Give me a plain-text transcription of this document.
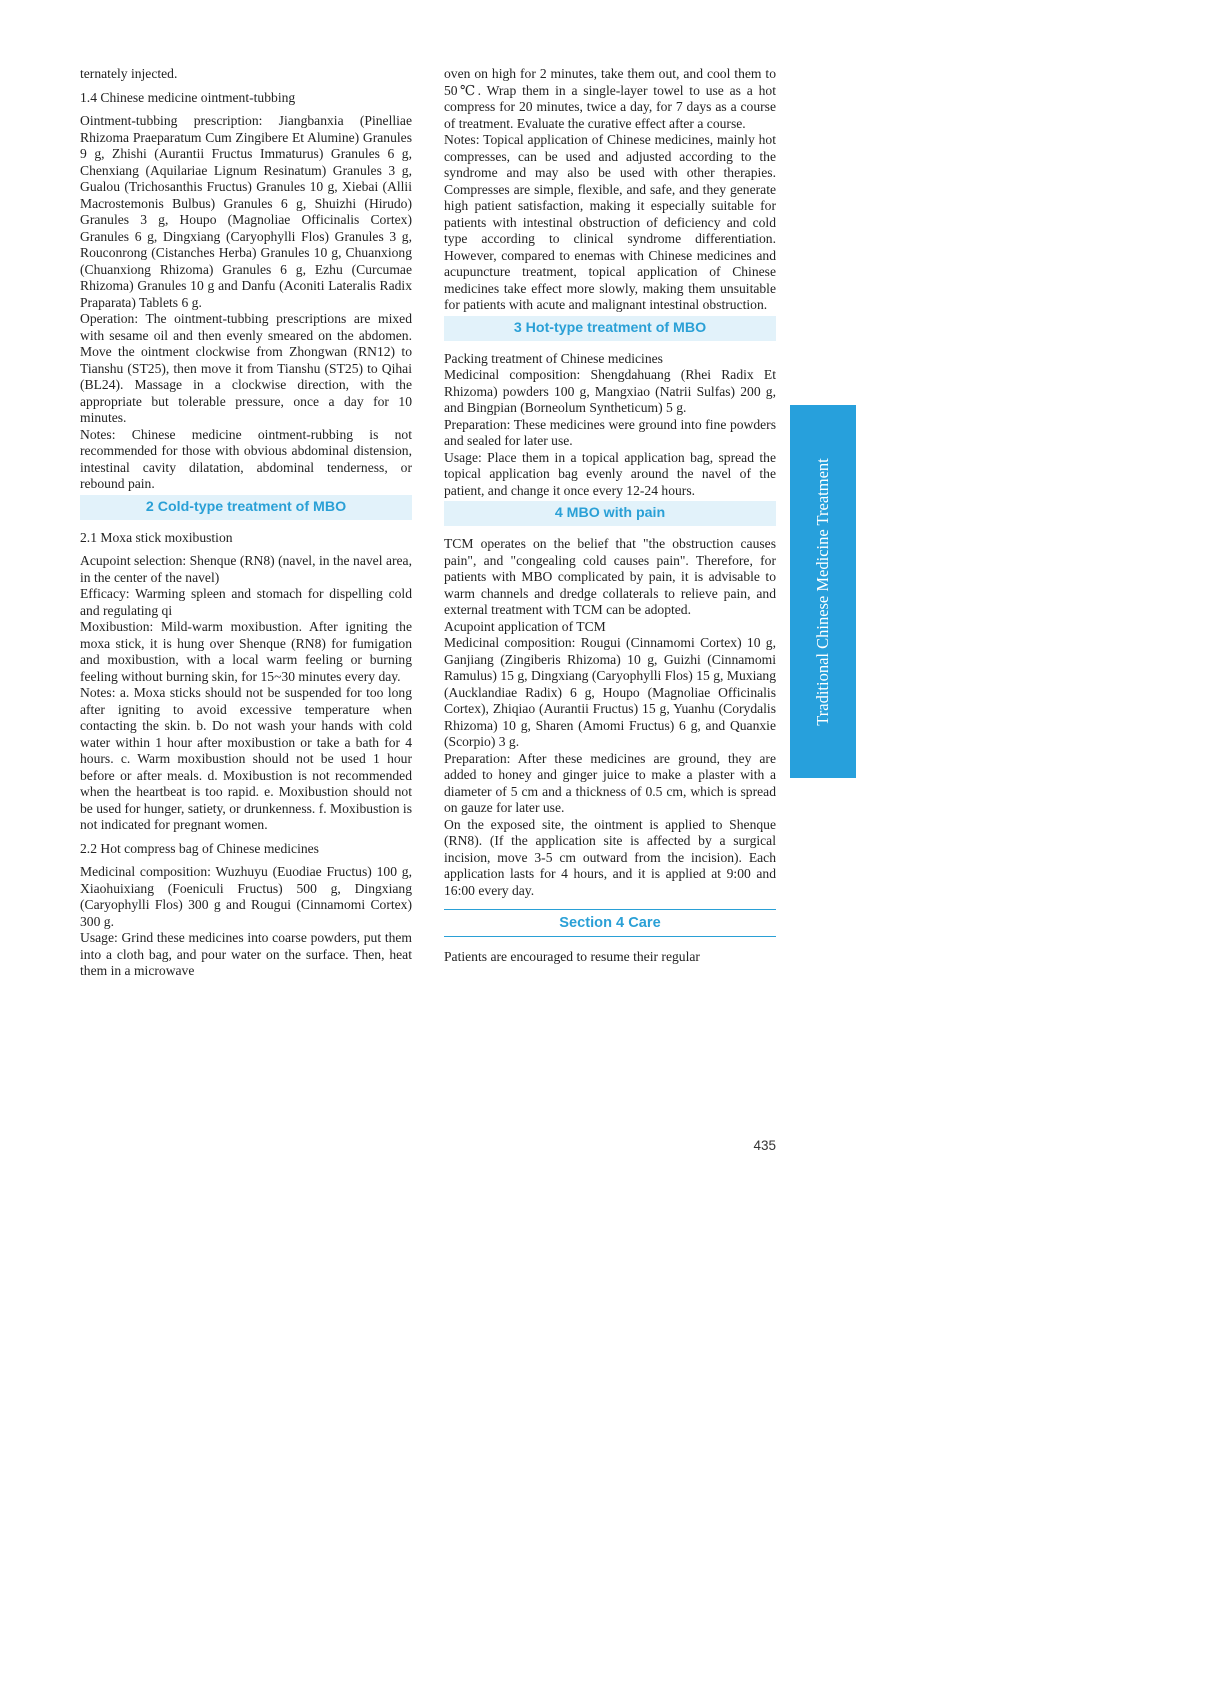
ternately injected.

1.4 Chinese medicine ointment-tubbing

Ointment-tubbing prescription: Jiangbanxia (Pinelliae Rhizoma Praeparatum Cum Zingibere Et Alumine) Granules 9 g, Zhishi (Aurantii Fructus Immaturus) Granules 6 g, Chenxiang (Aquilariae Lignum Resinatum) Granules 3 g, Gualou (Trichosanthis Fructus) Granules 10 g, Xiebai (Allii Macrostemonis Bulbus) Granules 6 g, Shuizhi (Hirudo) Granules 3 g, Houpo (Magnoliae Officinalis Cortex) Granules 6 g, Dingxiang (Caryophylli Flos) Granules 3 g, Rouconrong (Cistanches Herba) Granules 10 g, Chuanxiong (Chuanxiong Rhizoma) Granules 6 g, Ezhu (Curcumae Rhizoma) Granules 10 g and Danfu (Aconiti Lateralis Radix Praparata) Tablets 6 g.

Operation: The ointment-tubbing prescriptions are mixed with sesame oil and then evenly smeared on the abdomen. Move the ointment clockwise from Zhongwan (RN12) to Tianshu (ST25), then move it from Tianshu (ST25) to Qihai (BL24). Massage in a clockwise direction, with the appropriate but tolerable pressure, once a day for 10 minutes.

Notes: Chinese medicine ointment-rubbing is not recommended for those with obvious abdominal distension, intestinal cavity dilatation, abdominal tenderness, or rebound pain.

2 Cold-type treatment of MBO

2.1 Moxa stick moxibustion

Acupoint selection: Shenque (RN8) (navel, in the navel area, in the center of the navel)

Efficacy: Warming spleen and stomach for dispelling cold and regulating qi

Moxibustion: Mild-warm moxibustion. After igniting the moxa stick, it is hung over Shenque (RN8) for fumigation and moxibustion, with a local warm feeling or burning feeling without burning skin, for 15~30 minutes every day.

Notes: a. Moxa sticks should not be suspended for too long after igniting to avoid excessive temperature when contacting the skin. b. Do not wash your hands with cold water within 1 hour after moxibustion or take a bath for 4 hours. c. Warm moxibustion should not be used 1 hour before or after meals. d. Moxibustion is not recommended when the heartbeat is too rapid. e. Moxibustion should not be used for hunger, satiety, or drunkenness. f. Moxibustion is not indicated for pregnant women.

2.2 Hot compress bag of Chinese medicines

Medicinal composition: Wuzhuyu (Euodiae Fructus) 100 g, Xiaohuixiang (Foeniculi Fructus) 500 g, Dingxiang (Caryophylli Flos) 300 g and Rougui (Cinnamomi Cortex) 300 g.

Usage: Grind these medicines into coarse powders, put them into a cloth bag, and pour water on the surface. Then, heat them in a microwave

oven on high for 2 minutes, take them out, and cool them to 50℃. Wrap them in a single-layer towel to use as a hot compress for 20 minutes, twice a day, for 7 days as a course of treatment. Evaluate the curative effect after a course.

Notes: Topical application of Chinese medicines, mainly hot compresses, can be used and adjusted according to the syndrome and may also be used with other therapies. Compresses are simple, flexible, and safe, and they generate high patient satisfaction, making it especially suitable for patients with intestinal obstruction of deficiency and cold type according to clinical syndrome differentiation. However, compared to enemas with Chinese medicines and acupuncture treatment, topical application of Chinese medicines take effect more slowly, making them unsuitable for patients with acute and malignant intestinal obstruction.

3 Hot-type treatment of MBO

Packing treatment of Chinese medicines

Medicinal composition: Shengdahuang (Rhei Radix Et Rhizoma) powders 100 g, Mangxiao (Natrii Sulfas) 200 g, and Bingpian (Borneolum Syntheticum) 5 g.

Preparation: These medicines were ground into fine powders and sealed for later use.

Usage: Place them in a topical application bag, spread the topical application bag evenly around the navel of the patient, and change it once every 12-24 hours.

4 MBO with pain

TCM operates on the belief that "the obstruction causes pain", and "congealing cold causes pain". Therefore, for patients with MBO complicated by pain, it is advisable to warm channels and dredge collaterals to relieve pain, and external treatment with TCM can be adopted.

Acupoint application of TCM

Medicinal composition: Rougui (Cinnamomi Cortex) 10 g, Ganjiang (Zingiberis Rhizoma) 10 g, Guizhi (Cinnamomi Ramulus) 15 g, Dingxiang (Caryophylli Flos) 15 g, Muxiang (Aucklandiae Radix) 6 g, Houpo (Magnoliae Officinalis Cortex), Zhiqiao (Aurantii Fructus) 15 g, Yuanhu (Corydalis Rhizoma) 10 g, Sharen (Amomi Fructus) 6 g, and Quanxie (Scorpio) 3 g.

Preparation: After these medicines are ground, they are added to honey and ginger juice to make a plaster with a diameter of 5 cm and a thickness of 0.5 cm, which is spread on gauze for later use.

On the exposed site, the ointment is applied to Shenque (RN8). (If the application site is affected by a surgical incision, move 3-5 cm outward from the incision). Each application lasts for 4 hours, and it is applied at 9:00 and 16:00 every day.

Section 4 Care

Patients are encouraged to resume their regular

Traditional Chinese Medicine Treatment
435
